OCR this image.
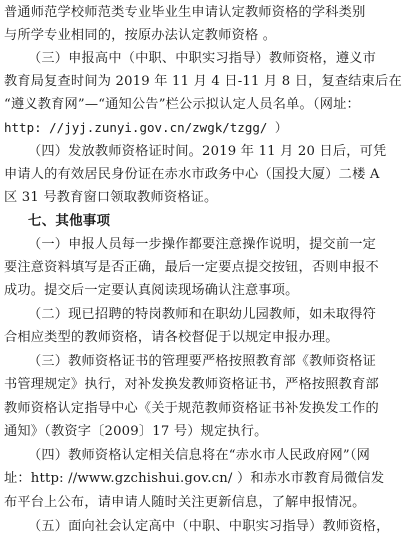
普通师范学校师范类专业毕业生申请认定教师资格的学科类别
与所学专业相同的，按原办法认定教师资格 。
（三）申报高中（中职、中职实习指导）教师资格，遵义市
教育局复查时间为 2019 年 11 月 4 日-11 月 8 日，复查结束后在
“遵义教育网”—“通知公告”栏公示拟认定人员名单。（网址：
http: //jyj.zunyi.gov.cn/zwgk/tzgg/ ）
（四）发放教师资格证时间。2019 年 11 月 20 日后，可凭
申请人的有效居民身份证在赤水市政务中心（国投大厦）二楼 A
区 31 号教育窗口领取教师资格证。
七、其他事项
（一）申报人员每一步操作都要注意操作说明，提交前一定
要注意资料填写是否正确，最后一定要点提交按钮，否则申报不
成功。提交后一定要认真阅读现场确认注意事项。
（二）现已招聘的特岗教师和在职幼儿园教师，如未取得符
合相应类型的教师资格，请各校督促于以规定申报办理。
（三）教师资格证书的管理要严格按照教育部《教师资格证
书管理规定》执行，对补发换发教师资格证书，严格按照教育部
教师资格认定指导中心《关于规范教师资格证书补发换发工作的
通知》（教资字〔2009〕17 号）规定执行。
（四）教师资格认定相关信息将在“赤水市人民政府网”（网
址：http: //www.gzchishui.gov.cn/ ）和赤水市教育局微信发
布平台上公布，请申请人随时关注更新信息，了解申报情况。
（五）面向社会认定高中（中职、中职实习指导）教师资格，
